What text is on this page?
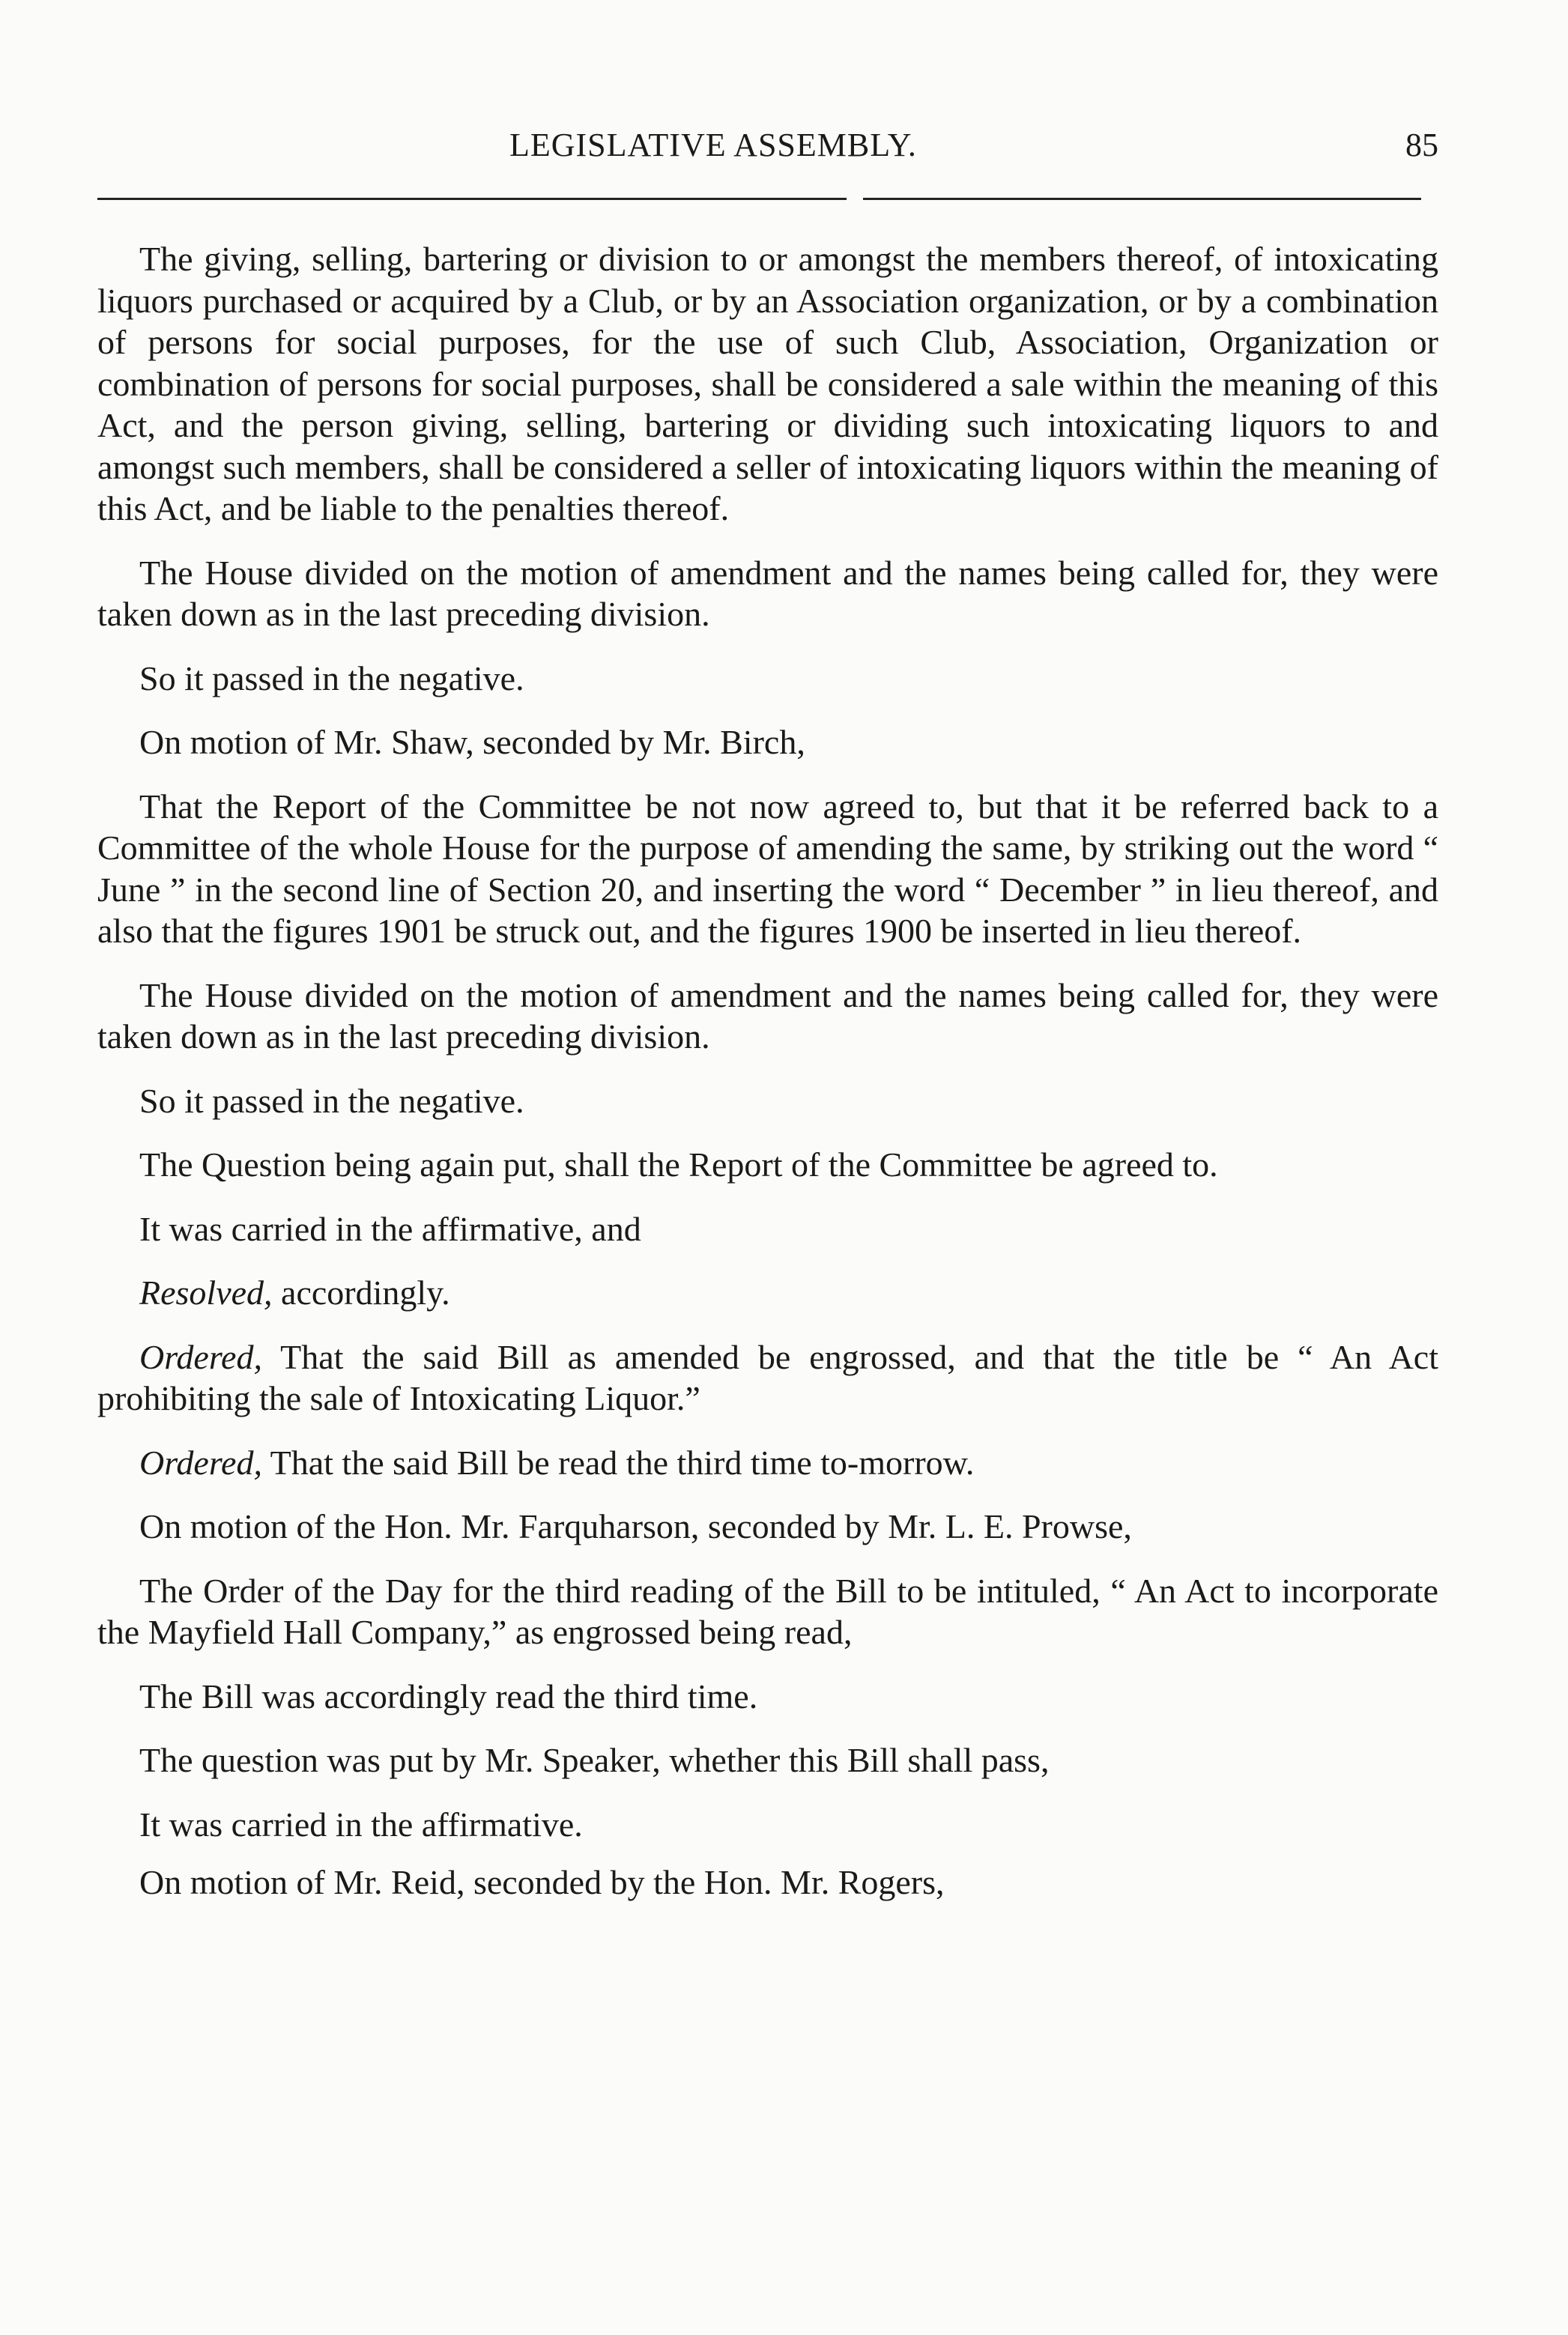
LEGISLATIVE ASSEMBLY.	85

The giving, selling, bartering or division to or amongst the members thereof, of intoxicating liquors purchased or acquired by a Club, or by an Association organization, or by a combination of persons for social purposes, for the use of such Club, Association, Organization or combination of persons for social purposes, shall be considered a sale within the meaning of this Act, and the person giving, selling, bartering or dividing such intoxicating liquors to and amongst such members, shall be considered a seller of intoxicating liquors within the meaning of this Act, and be liable to the penalties thereof.

The House divided on the motion of amendment and the names being called for, they were taken down as in the last preceding division.

So it passed in the negative.

On motion of Mr. Shaw, seconded by Mr. Birch,

That the Report of the Committee be not now agreed to, but that it be referred back to a Committee of the whole House for the purpose of amending the same, by striking out the word “ June ” in the second line of Section 20, and inserting the word “ December ” in lieu thereof, and also that the figures 1901 be struck out, and the figures 1900 be inserted in lieu thereof.

The House divided on the motion of amendment and the names being called for, they were taken down as in the last preceding division.

So it passed in the negative.

The Question being again put, shall the Report of the Committee be agreed to.

It was carried in the affirmative, and

Resolved, accordingly.

Ordered, That the said Bill as amended be engrossed, and that the title be “ An Act prohibiting the sale of Intoxicating Liquor.”

Ordered, That the said Bill be read the third time to-morrow.

On motion of the Hon. Mr. Farquharson, seconded by Mr. L. E. Prowse,

The Order of the Day for the third reading of the Bill to be intituled, “ An Act to incorporate the Mayfield Hall Company,” as engrossed being read,

The Bill was accordingly read the third time.

The question was put by Mr. Speaker, whether this Bill shall pass,

It was carried in the affirmative.

On motion of Mr. Reid, seconded by the Hon. Mr. Rogers,
